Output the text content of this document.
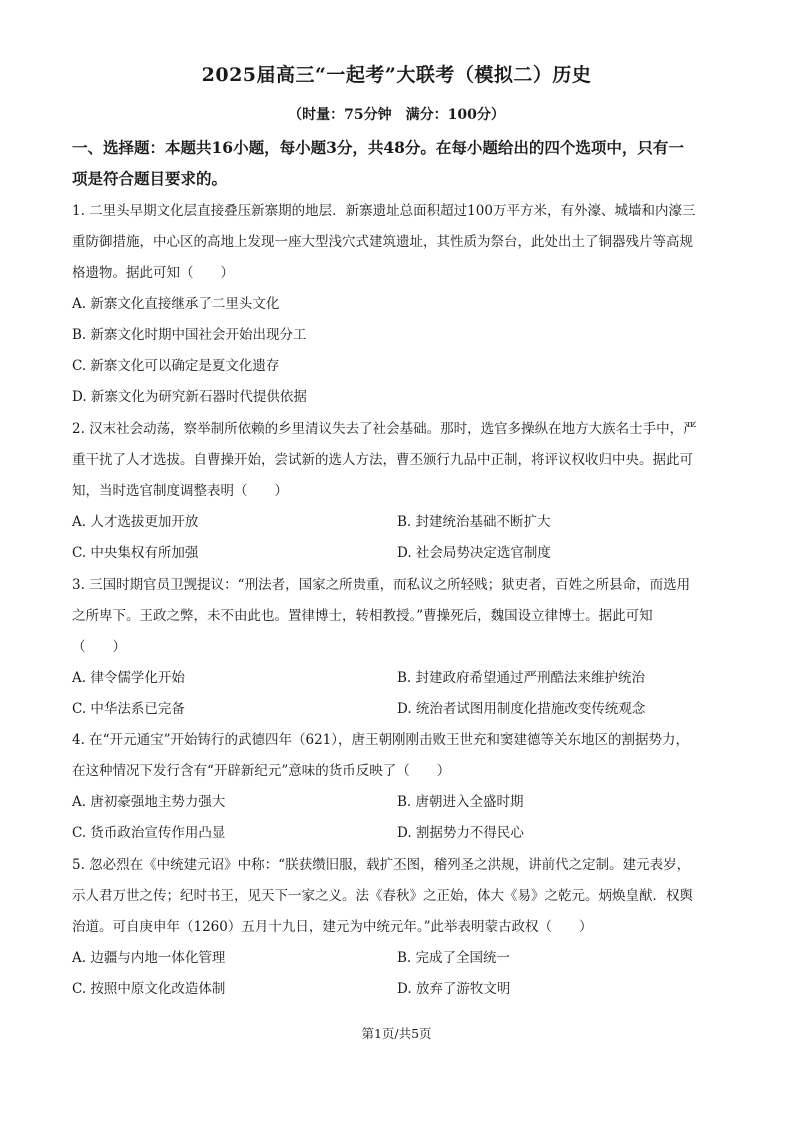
2025届高三“一起考”大联考（模拟二）历史
（时量：75分钟　满分：100分）
一、选择题：本题共16小题，每小题3分，共48分。在每小题给出的四个选项中，只有一
项是符合题目要求的。
1. 二里头早期文化层直接叠压新寨期的地层．新寨遗址总面积超过100万平方米，有外濠、城墙和内濠三
重防御措施，中心区的高地上发现一座大型浅穴式建筑遗址，其性质为祭台，此处出土了铜器残片等高规
格遗物。据此可知（　　）
A. 新寨文化直接继承了二里头文化
B. 新寨文化时期中国社会开始出现分工
C. 新寨文化可以确定是夏文化遗存
D. 新寨文化为研究新石器时代提供依据
2. 汉末社会动荡，察举制所依赖的乡里清议失去了社会基础。那时，选官多操纵在地方大族名士手中，严
重干扰了人才选拔。自曹操开始，尝试新的选人方法，曹丕颁行九品中正制，将评议权收归中央。据此可
知，当时选官制度调整表明（　　）
A. 人才选拔更加开放	B. 封建统治基础不断扩大
C. 中央集权有所加强	D. 社会局势决定选官制度
3. 三国时期官员卫觊提议：“刑法者，国家之所贵重，而私议之所轻贱；狱吏者，百姓之所县命，而选用
之所卑下。王政之弊，未不由此也。置律博士，转相教授。”曹操死后，魏国设立律博士。据此可知
（　　）
A. 律令儒学化开始	B. 封建政府希望通过严刑酷法来维护统治
C. 中华法系已完备	D. 统治者试图用制度化措施改变传统观念
4. 在“开元通宝”开始铸行的武德四年（621），唐王朝刚刚击败王世充和窦建德等关东地区的割据势力，
在这种情况下发行含有“开辟新纪元”意味的货币反映了（　　）
A. 唐初豪强地主势力强大	B. 唐朝进入全盛时期
C. 货币政治宣传作用凸显	D. 割据势力不得民心
5. 忽必烈在《中统建元诏》中称：“朕获缵旧服，载扩丕图，稽列圣之洪规，讲前代之定制。建元表岁，
示人君万世之传；纪时书王，见天下一家之义。法《春秋》之正始，体大《易》之乾元。炳焕皇猷．权舆
治道。可自庚申年（1260）五月十九日，建元为中统元年。”此举表明蒙古政权（　　）
A. 边疆与内地一体化管理	B. 完成了全国统一
C. 按照中原文化改造体制	D. 放弃了游牧文明
第1页/共5页
